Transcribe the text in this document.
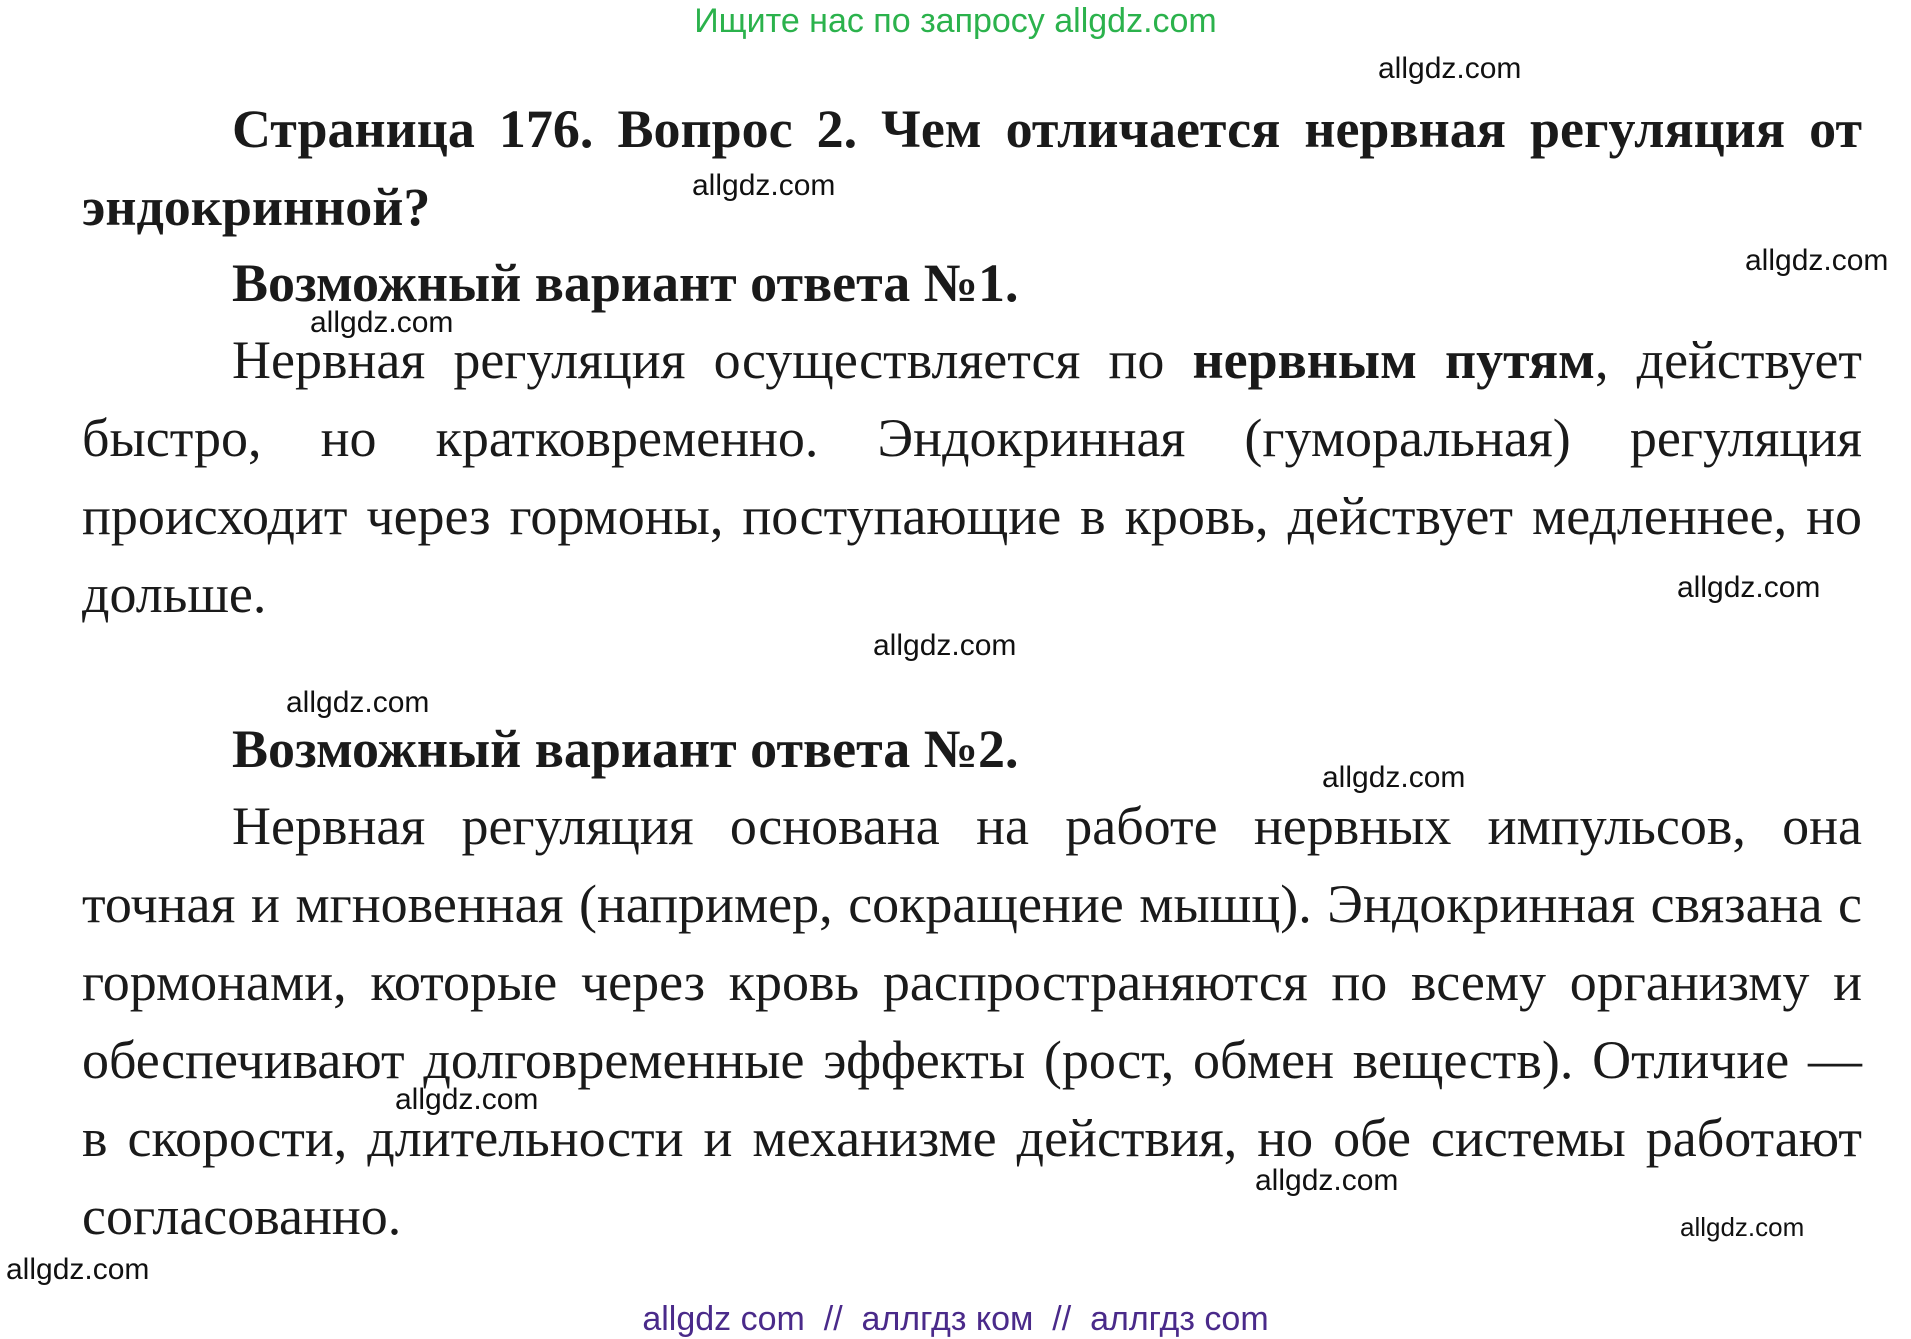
Ищите нас по запросу allgdz.com
allgdz.com
allgdz.com
allgdz.com
allgdz.com
allgdz.com
allgdz.com
allgdz.com
allgdz.com
allgdz.com
allgdz.com
allgdz.com
allgdz.com
Страница 176. Вопрос 2. Чем отличается нервная регуляция от эндокринной?
Возможный вариант ответа №1.
Нервная регуляция осуществляется по нервным путям, действует быстро, но кратковременно. Эндокринная (гуморальная) регуляция происходит через гормоны, поступающие в кровь, действует медленнее, но дольше.
Возможный вариант ответа №2.
Нервная регуляция основана на работе нервных импульсов, она точная и мгновенная (например, сокращение мышц). Эндокринная связана с гормонами, которые через кровь распространяются по всему организму и обеспечивают долговременные эффекты (рост, обмен веществ). Отличие — в скорости, длительности и механизме действия, но обе системы работают согласованно.
allgdz com  //  аллгдз ком  //  аллгдз com
